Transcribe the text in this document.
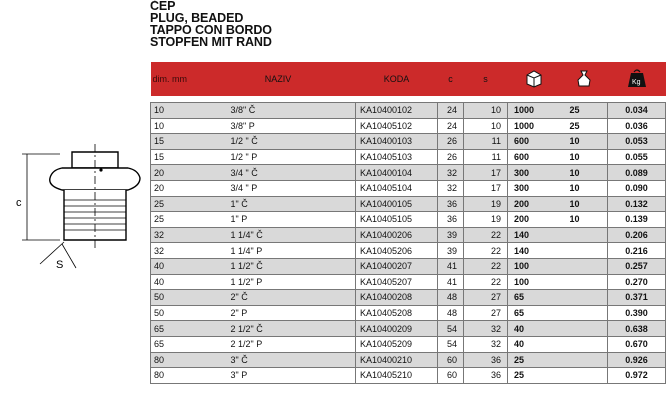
ČEP
PLUG, BEADED
TAPPO CON BORDO
STOPFEN MIT RAND
c
S
dim. mm	NAZIV	KODA	c	s			Kg

10	3/8" Č	KA10400102	24	10	1000	25	0.034
10	3/8" P	KA10405102	24	10	1000	25	0.036
15	1/2 " Č	KA10400103	26	11	600	10	0.053
15	1/2 " P	KA10405103	26	11	600	10	0.055
20	3/4 " Č	KA10400104	32	17	300	10	0.089
20	3/4 " P	KA10405104	32	17	300	10	0.090
25	1" Č	KA10400105	36	19	200	10	0.132
25	1" P	KA10405105	36	19	200	10	0.139
32	1 1/4" Č	KA10400206	39	22	140		0.206
32	1 1/4" P	KA10405206	39	22	140		0.216
40	1 1/2" Č	KA10400207	41	22	100		0.257
40	1 1/2" P	KA10405207	41	22	100		0.270
50	2" Č	KA10400208	48	27	65		0.371
50	2" P	KA10405208	48	27	65		0.390
65	2 1/2" Č	KA10400209	54	32	40		0.638
65	2 1/2" P	KA10405209	54	32	40		0.670
80	3" Č	KA10400210	60	36	25		0.926
80	3" P	KA10405210	60	36	25		0.972
